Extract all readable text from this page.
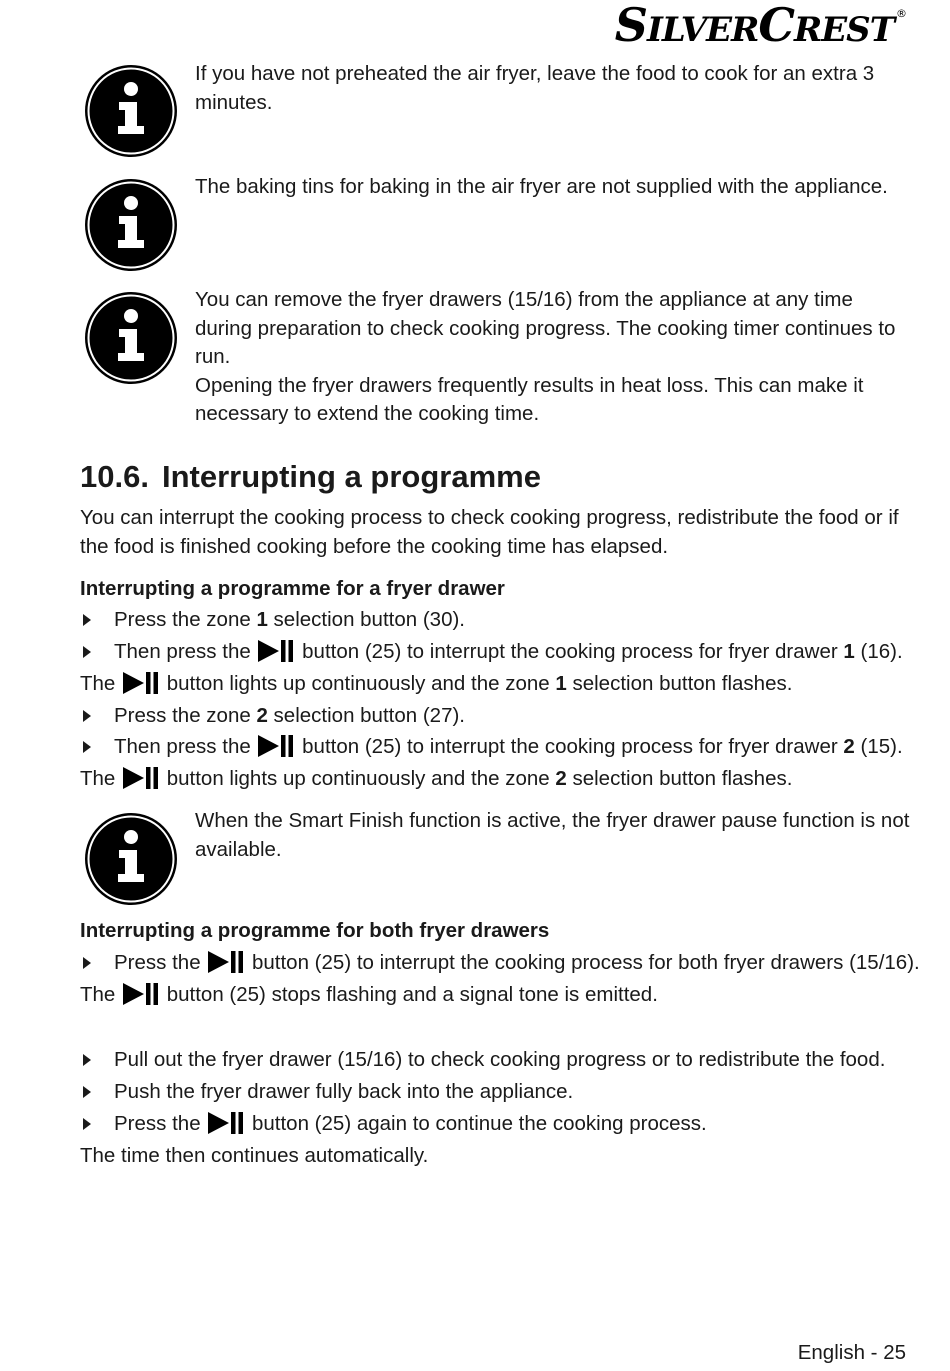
SILVERCREST ®
If you have not preheated the air fryer, leave the food to cook for an extra 3 minutes.
The baking tins for baking in the air fryer are not supplied with the appliance.
You can remove the fryer drawers (15/16) from the appliance at any time during preparation to check cooking progress. The cooking timer continues to run.
Opening the fryer drawers frequently results in heat loss. This can make it necessary to extend the cooking time.
10.6. Interrupting a programme
You can interrupt the cooking process to check cooking progress, redistribute the food or if the food is finished cooking before the cooking time has elapsed.
Interrupting a programme for a fryer drawer
Press the zone 1 selection button (30).
Then press the  button (25) to interrupt the cooking process for fryer drawer 1 (16).
The  button lights up continuously and the zone 1 selection button flashes.
Press the zone 2 selection button (27).
Then press the  button (25) to interrupt the cooking process for fryer drawer 2 (15).
The  button lights up continuously and the zone 2 selection button flashes.
When the Smart Finish function is active, the fryer drawer pause function is not available.
Interrupting a programme for both fryer drawers
Press the  button (25) to interrupt the cooking process for both fryer drawers (15/16).
The  button (25) stops flashing and a signal tone is emitted.
Pull out the fryer drawer (15/16) to check cooking progress or to redistribute the food.
Push the fryer drawer fully back into the appliance.
Press the  button (25) again to continue the cooking process.
The time then continues automatically.
English - 25
